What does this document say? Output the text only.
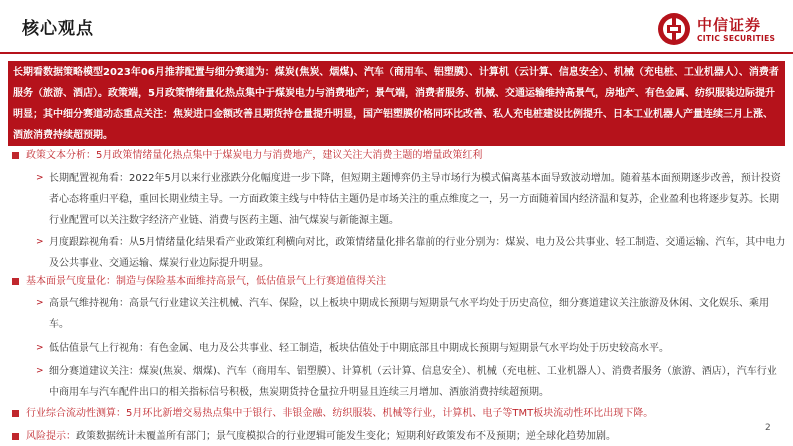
核心观点	中信证券
CITIC SECURITIES
长期看数据策略模型2023年06月推荐配置与细分赛道为：煤炭(焦炭、烟煤)、汽车（商用车、铝塑膜）、计算机（云计算、信息安全）、机械（充电桩、工业机器人）、消费者服务（旅游、酒店）。政策端，5月政策情绪量化热点集中于煤炭电力与消费地产；景气端，消费者服务、机械、交通运输维持高景气，房地产、有色金属、纺织服装边际提升明显；其中细分赛道动态重点关注：焦炭进口金额改善且期货持仓量提升明显，国产铝塑膜价格同环比改善、私人充电桩建设比例提升、日本工业机器人产量连续三月上涨、酒旅消费持续超预期。
政策文本分析：5月政策情绪量化热点集中于煤炭电力与消费地产，建议关注大消费主题的增量政策红利
> 长期配置视角看：2022年5月以来行业涨跌分化幅度进一步下降，但短期主题博弈仍主导市场行为模式偏离基本面导致波动增加。随着基本面预期逐步改善，预计投资者心态将重归平稳，重回长期业绩主导。一方面政策主线与中特估主题仍是市场关注的重点维度之一，另一方面随着国内经济温和复苏，企业盈利也将逐步复苏。长期行业配置可以关注数字经济产业链、消费与医药主题、油气煤炭与新能源主题。
> 月度跟踪视角看：从5月情绪量化结果看产业政策红利横向对比，政策情绪量化排名靠前的行业分别为：煤炭、电力及公共事业、轻工制造、交通运输、汽车，其中电力及公共事业、交通运输、煤炭行业边际提升明显。
基本面景气度量化：制造与保险基本面维持高景气，低估值景气上行赛道值得关注
> 高景气维持视角：高景气行业建议关注机械、汽车、保险，以上板块中期成长预期与短期景气水平均处于历史高位，细分赛道建议关注旅游及休闲、文化娱乐、乘用车。
> 低估值景气上行视角：有色金属、电力及公共事业、轻工制造，板块估值处于中期底部且中期成长预期与短期景气水平均处于历史较高水平。
> 细分赛道建议关注：煤炭(焦炭、烟煤)、汽车（商用车、铝塑膜）、计算机（云计算、信息安全）、机械（充电桩、工业机器人）、消费者服务（旅游、酒店），汽车行业中商用车与汽车配件出口的相关指标信号积极，焦炭期货持仓量拉升明显且连续三月增加、酒旅消费持续超预期。
行业综合流动性测算：5月环比新增交易热点集中于银行、非银金融、纺织服装、机械等行业，计算机、电子等TMT板块流动性环比出现下降。
风险提示：政策数据统计未覆盖所有部门；景气度模拟合的行业逻辑可能发生变化；短期利好政策发布不及预期；逆全球化趋势加剧。
2
